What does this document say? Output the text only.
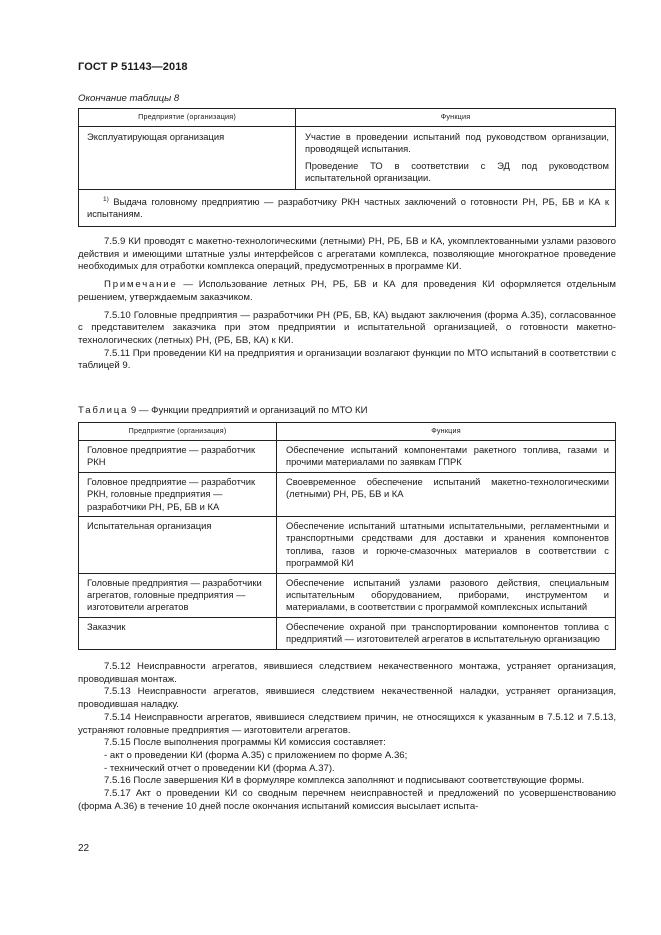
ГОСТ Р 51143—2018
Окончание таблицы 8
Предприятие (организация)	Функция
Эксплуатирующая организация	Участие в проведении испытаний под руководством организации, проводящей испытания.

Проведение ТО в соответствии с ЭД под руководством испытательной организации.

$^{1)}$ Выдача головному предприятию — разработчику РКН частных заключений о готовности РН, РБ, БВ и КА к испытаниям.	

7.5.9 КИ проводят с макетно-технологическими (летными) РН, РБ, БВ и КА, укомплектованными узлами разового действия и имеющими штатные узлы интерфейсов с агрегатами комплекса, позволяющие многократное проведение необходимых для отработки комплекса операций, предусмотренных в программе КИ.

Примечание — Использование летных РН, РБ, БВ и КА для проведения КИ оформляется отдельным решением, утверждаемым заказчиком.

7.5.10 Головные предприятия — разработчики РН (РБ, БВ, КА) выдают заключения (форма А.35), согласованное с представителем заказчика при этом предприятии и испытательной организацией, о готовности макетно-технологических (летных) РН, (РБ, БВ, КА) к КИ.

7.5.11 При проведении КИ на предприятия и организации возлагают функции по МТО испытаний в соответствии с таблицей 9.

Таблица 9 — Функции предприятий и организаций по МТО КИ
Предприятие (организация)	Функция
Головное предприятие — разработчик РКН	Обеспечение испытаний компонентами ракетного топлива, газами и прочими материалами по заявкам ГПРК
Головное предприятие — разработчик РКН, головные предприятия — разработчики РН, РБ, БВ и КА	Своевременное обеспечение испытаний макетно-технологическими (летными) РН, РБ, БВ и КА
Испытательная организация	Обеспечение испытаний штатными испытательными, регламентными и транспортными средствами для доставки и хранения компонентов топлива, газов и горюче-смазочных материалов в соответствии с программой КИ
Головные предприятия — разработчики агрегатов, головные предприятия — изготовители агрегатов	Обеспечение испытаний узлами разового действия, специальным испытательным оборудованием, приборами, инструментом и материалами, в соответствии с программой комплексных испытаний
Заказчик	Обеспечение охраной при транспортировании компонентов топлива с предприятий — изготовителей агрегатов в испытательную организацию

7.5.12 Неисправности агрегатов, явившиеся следствием некачественного монтажа, устраняет организация, проводившая монтаж.

7.5.13 Неисправности агрегатов, явившиеся следствием некачественной наладки, устраняет организация, проводившая наладку.

7.5.14 Неисправности агрегатов, явившиеся следствием причин, не относящихся к указанным в 7.5.12 и 7.5.13, устраняют головные предприятия — изготовители агрегатов.

7.5.15 После выполнения программы КИ комиссия составляет:

- акт о проведении КИ (форма А.35) с приложением по форме А.36;

- технический отчет о проведении КИ (форма А.37).

7.5.16 После завершения КИ в формуляре комплекса заполняют и подписывают соответствующие формы.

7.5.17 Акт о проведении КИ со сводным перечнем неисправностей и предложений по усовершенствованию (форма А.36) в течение 10 дней после окончания испытаний комиссия высылает испыта-

22
